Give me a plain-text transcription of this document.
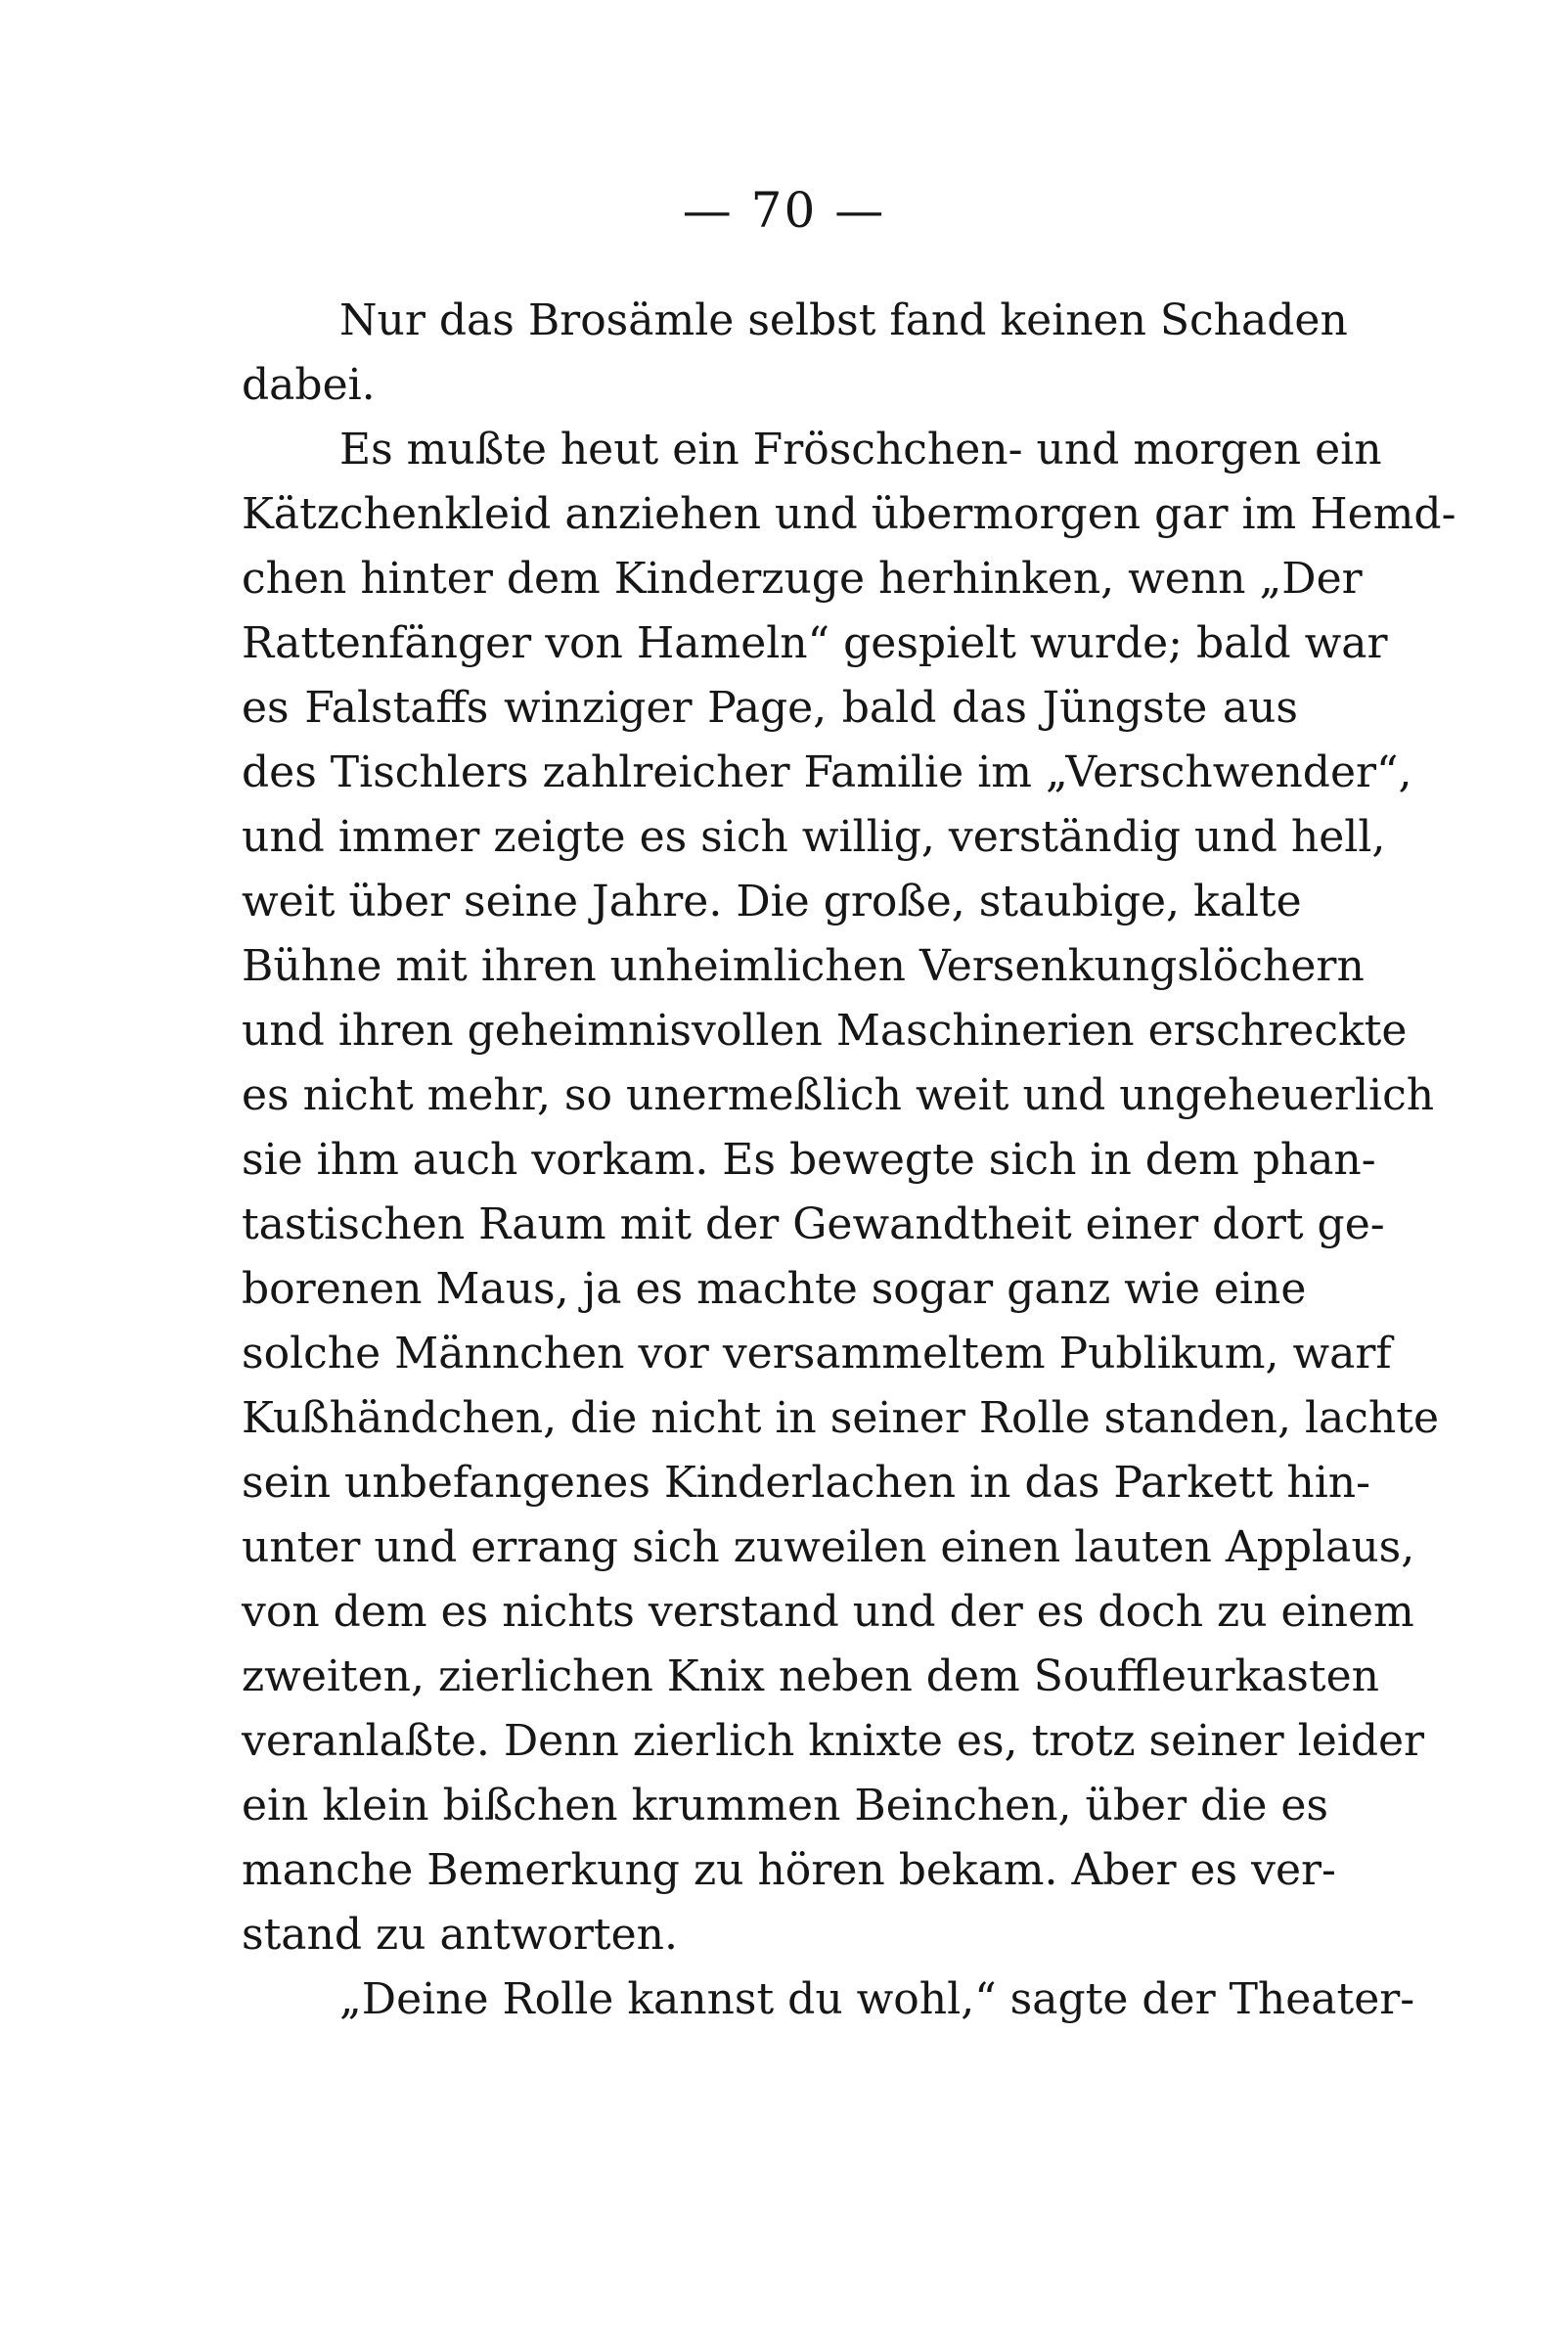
— 70 —
Nur das Brosämle selbst fand keinen Schaden
dabei.
Es mußte heut ein Fröschchen- und morgen ein
Kätzchenkleid anziehen und übermorgen gar im Hemd-
chen hinter dem Kinderzuge herhinken, wenn „Der
Rattenfänger von Hameln“ gespielt wurde; bald war
es Falstaffs winziger Page, bald das Jüngste aus
des Tischlers zahlreicher Familie im „Verschwender“,
und immer zeigte es sich willig, verständig und hell,
weit über seine Jahre. Die große, staubige, kalte
Bühne mit ihren unheimlichen Versenkungslöchern
und ihren geheimnisvollen Maschinerien erschreckte
es nicht mehr, so unermeßlich weit und ungeheuerlich
sie ihm auch vorkam. Es bewegte sich in dem phan-
tastischen Raum mit der Gewandtheit einer dort ge-
borenen Maus, ja es machte sogar ganz wie eine
solche Männchen vor versammeltem Publikum, warf
Kußhändchen, die nicht in seiner Rolle standen, lachte
sein unbefangenes Kinderlachen in das Parkett hin-
unter und errang sich zuweilen einen lauten Applaus,
von dem es nichts verstand und der es doch zu einem
zweiten, zierlichen Knix neben dem Souffleurkasten
veranlaßte. Denn zierlich knixte es, trotz seiner leider
ein klein bißchen krummen Beinchen, über die es
manche Bemerkung zu hören bekam. Aber es ver-
stand zu antworten.
„Deine Rolle kannst du wohl,“ sagte der Theater-
